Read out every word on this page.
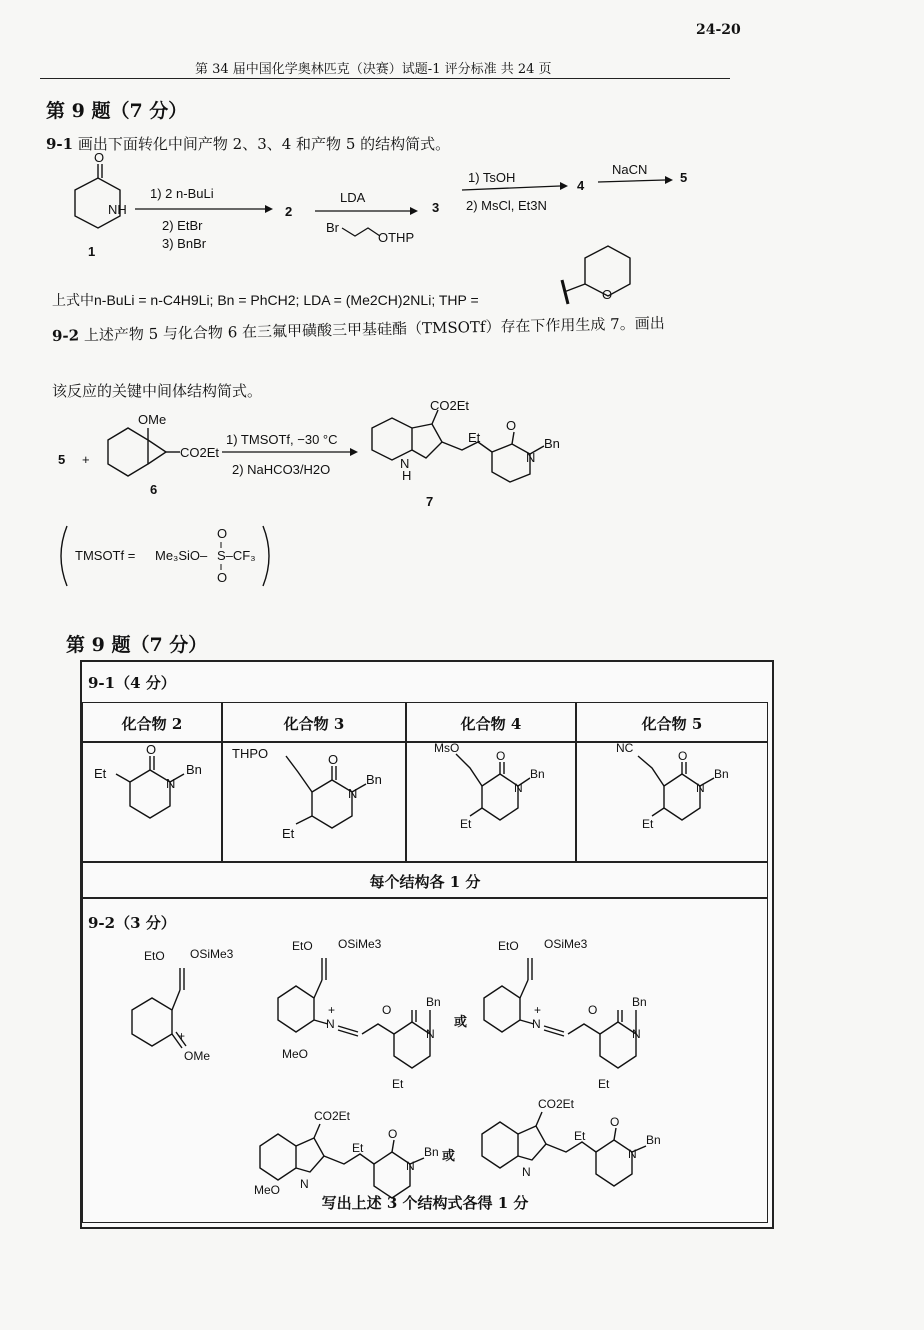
24-20
第 34 届中国化学奥林匹克（决赛）试题-1 评分标准 共 24 页
第 9 题（7 分）
9-1 画出下面转化中间产物 2、3、4 和产物 5 的结构简式。
O
NH
1
1) 2 n-BuLi
2) EtBr
3) BnBr
2
LDA
Br
OTHP
3
1) TsOH
2) MsCl, Et3N
4
NaCN
5
上式中n-BuLi = n-C4H9Li; Bn = PhCH2; LDA = (Me2CH)2NLi; THP =	O
9-2 上述产物 5 与化合物 6 在三氟甲磺酸三甲基硅酯（TMSOTf）存在下作用生成 7。画出
该反应的关键中间体结构简式。
5 +
OMe
CO2Et
6
1) TMSOTf, −30 °C
2) NaHCO3/H2O
CO2Et
Et
O
N
Bn
N
H
7
TMSOTf = Me₃SiO– S–CF₃
O
O
第 9 题（7 分）
9-1（4 分）
化合物 2	化合物 3	化合物 4	化合物 5
Et
O
N
Bn
THPO	O
N
Bn
Et
MsO
O
N
Bn
Et
NC
O
N
Bn
Et
每个结构各 1 分
9-2（3 分）
EtO OSiMe3
OMe
+
EtO OSiMe3
MeO
N
+	O
Bn
N
Et
或
EtO OSiMe3
N
+	O
Bn
N
Et
CO2Et
MeO N
Et
O
N
Bn 或
CO2Et
N
Et
O
N
Bn
写出上述 3 个结构式各得 1 分
